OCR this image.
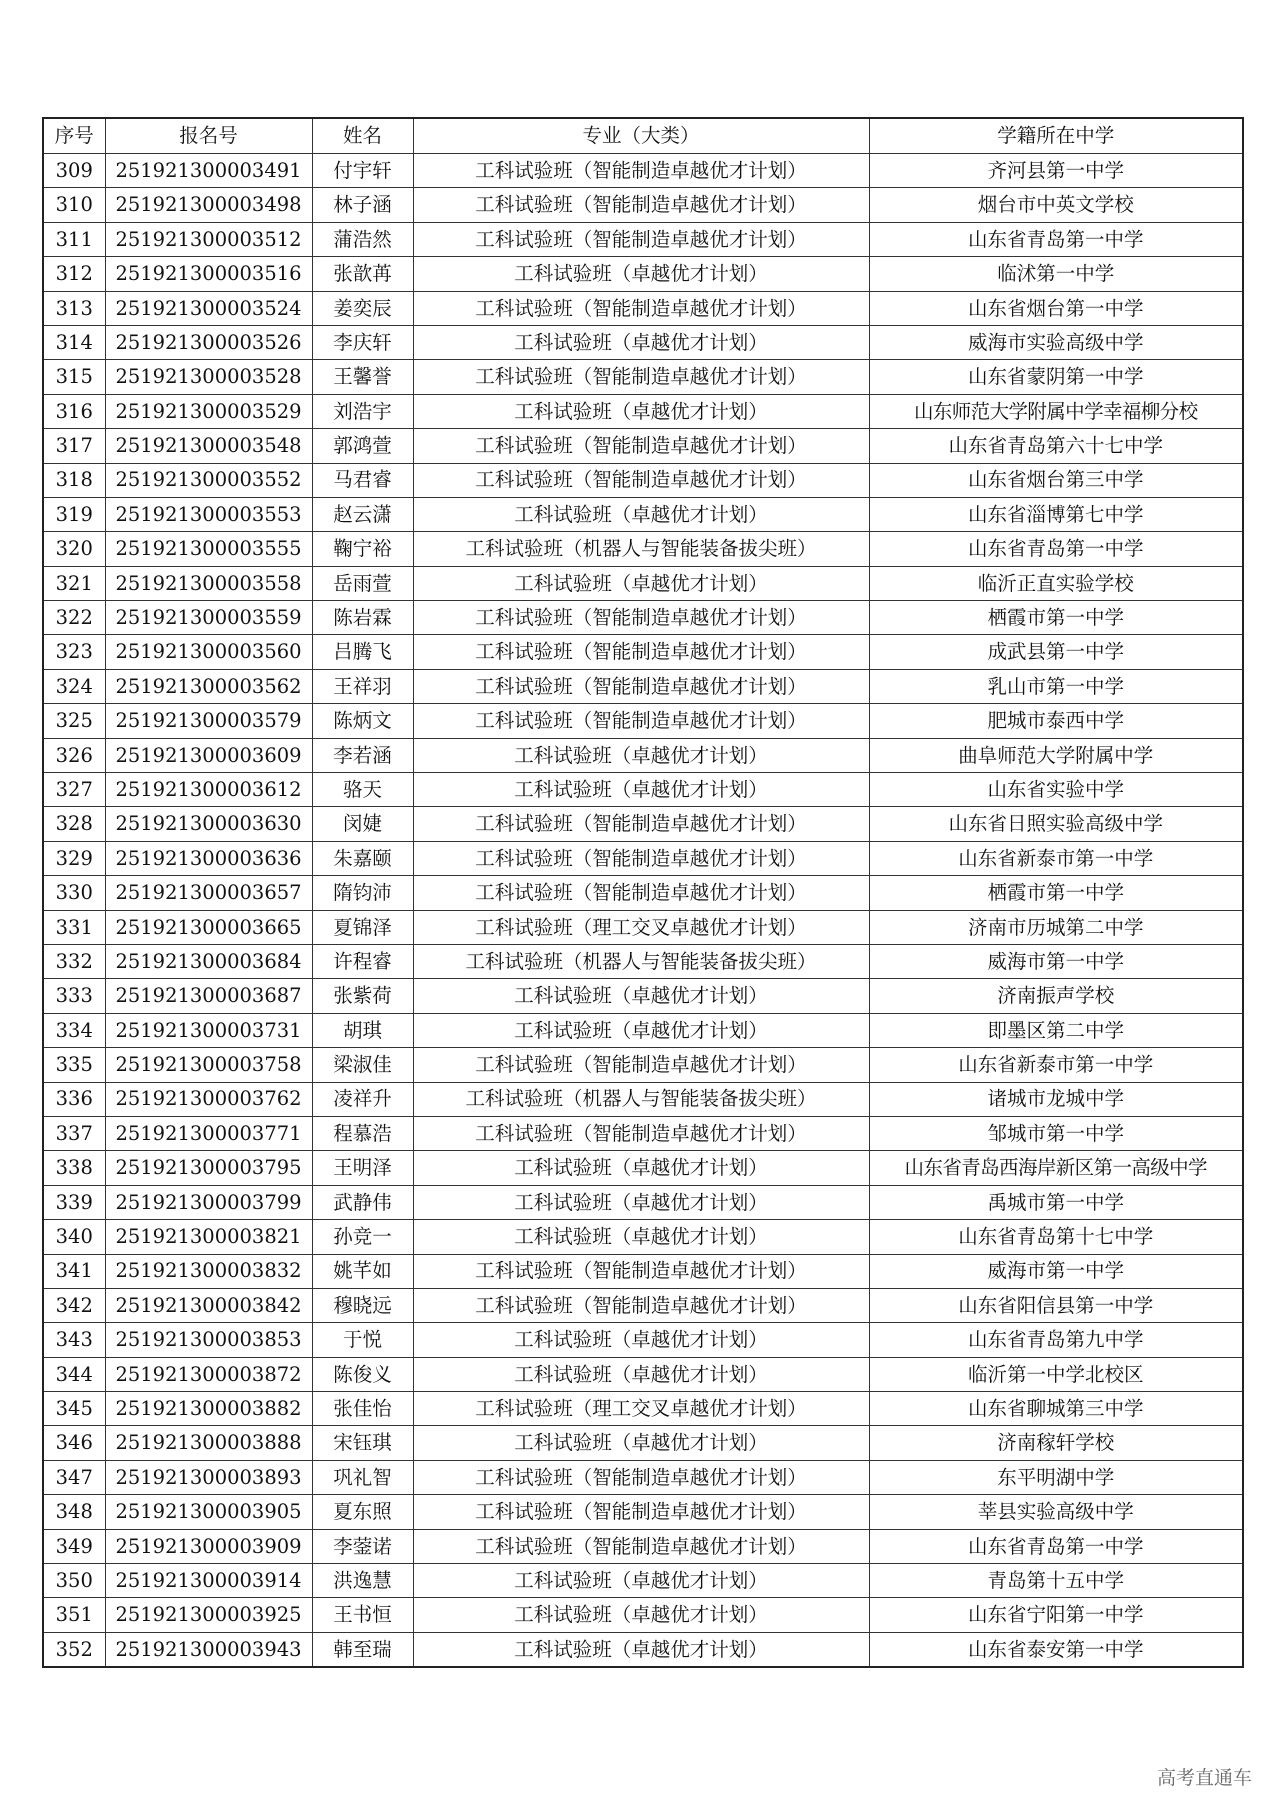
序号	报名号	姓名	专业（大类）	学籍所在中学
309	251921300003491	付宇轩	工科试验班（智能制造卓越优才计划）	齐河县第一中学
310	251921300003498	林子涵	工科试验班（智能制造卓越优才计划）	烟台市中英文学校
311	251921300003512	蒲浩然	工科试验班（智能制造卓越优才计划）	山东省青岛第一中学
312	251921300003516	张歆苒	工科试验班（卓越优才计划）	临沭第一中学
313	251921300003524	姜奕辰	工科试验班（智能制造卓越优才计划）	山东省烟台第一中学
314	251921300003526	李庆轩	工科试验班（卓越优才计划）	威海市实验高级中学
315	251921300003528	王馨誉	工科试验班（智能制造卓越优才计划）	山东省蒙阴第一中学
316	251921300003529	刘浩宇	工科试验班（卓越优才计划）	山东师范大学附属中学幸福柳分校
317	251921300003548	郭鸿萱	工科试验班（智能制造卓越优才计划）	山东省青岛第六十七中学
318	251921300003552	马君睿	工科试验班（智能制造卓越优才计划）	山东省烟台第三中学
319	251921300003553	赵云潇	工科试验班（卓越优才计划）	山东省淄博第七中学
320	251921300003555	鞠宁裕	工科试验班（机器人与智能装备拔尖班）	山东省青岛第一中学
321	251921300003558	岳雨萱	工科试验班（卓越优才计划）	临沂正直实验学校
322	251921300003559	陈岩霖	工科试验班（智能制造卓越优才计划）	栖霞市第一中学
323	251921300003560	吕腾飞	工科试验班（智能制造卓越优才计划）	成武县第一中学
324	251921300003562	王祥羽	工科试验班（智能制造卓越优才计划）	乳山市第一中学
325	251921300003579	陈炳文	工科试验班（智能制造卓越优才计划）	肥城市泰西中学
326	251921300003609	李若涵	工科试验班（卓越优才计划）	曲阜师范大学附属中学
327	251921300003612	骆天	工科试验班（卓越优才计划）	山东省实验中学
328	251921300003630	闵婕	工科试验班（智能制造卓越优才计划）	山东省日照实验高级中学
329	251921300003636	朱嘉颐	工科试验班（智能制造卓越优才计划）	山东省新泰市第一中学
330	251921300003657	隋钧沛	工科试验班（智能制造卓越优才计划）	栖霞市第一中学
331	251921300003665	夏锦泽	工科试验班（理工交叉卓越优才计划）	济南市历城第二中学
332	251921300003684	许程睿	工科试验班（机器人与智能装备拔尖班）	威海市第一中学
333	251921300003687	张紫荷	工科试验班（卓越优才计划）	济南振声学校
334	251921300003731	胡琪	工科试验班（卓越优才计划）	即墨区第二中学
335	251921300003758	梁淑佳	工科试验班（智能制造卓越优才计划）	山东省新泰市第一中学
336	251921300003762	凌祥升	工科试验班（机器人与智能装备拔尖班）	诸城市龙城中学
337	251921300003771	程慕浩	工科试验班（智能制造卓越优才计划）	邹城市第一中学
338	251921300003795	王明泽	工科试验班（卓越优才计划）	山东省青岛西海岸新区第一高级中学
339	251921300003799	武静伟	工科试验班（卓越优才计划）	禹城市第一中学
340	251921300003821	孙竞一	工科试验班（卓越优才计划）	山东省青岛第十七中学
341	251921300003832	姚芊如	工科试验班（智能制造卓越优才计划）	威海市第一中学
342	251921300003842	穆晓远	工科试验班（智能制造卓越优才计划）	山东省阳信县第一中学
343	251921300003853	于悦	工科试验班（卓越优才计划）	山东省青岛第九中学
344	251921300003872	陈俊义	工科试验班（卓越优才计划）	临沂第一中学北校区
345	251921300003882	张佳怡	工科试验班（理工交叉卓越优才计划）	山东省聊城第三中学
346	251921300003888	宋钰琪	工科试验班（卓越优才计划）	济南稼轩学校
347	251921300003893	巩礼智	工科试验班（智能制造卓越优才计划）	东平明湖中学
348	251921300003905	夏东照	工科试验班（智能制造卓越优才计划）	莘县实验高级中学
349	251921300003909	李蓥诺	工科试验班（智能制造卓越优才计划）	山东省青岛第一中学
350	251921300003914	洪逸慧	工科试验班（卓越优才计划）	青岛第十五中学
351	251921300003925	王书恒	工科试验班（卓越优才计划）	山东省宁阳第一中学
352	251921300003943	韩至瑞	工科试验班（卓越优才计划）	山东省泰安第一中学
高考直通车
